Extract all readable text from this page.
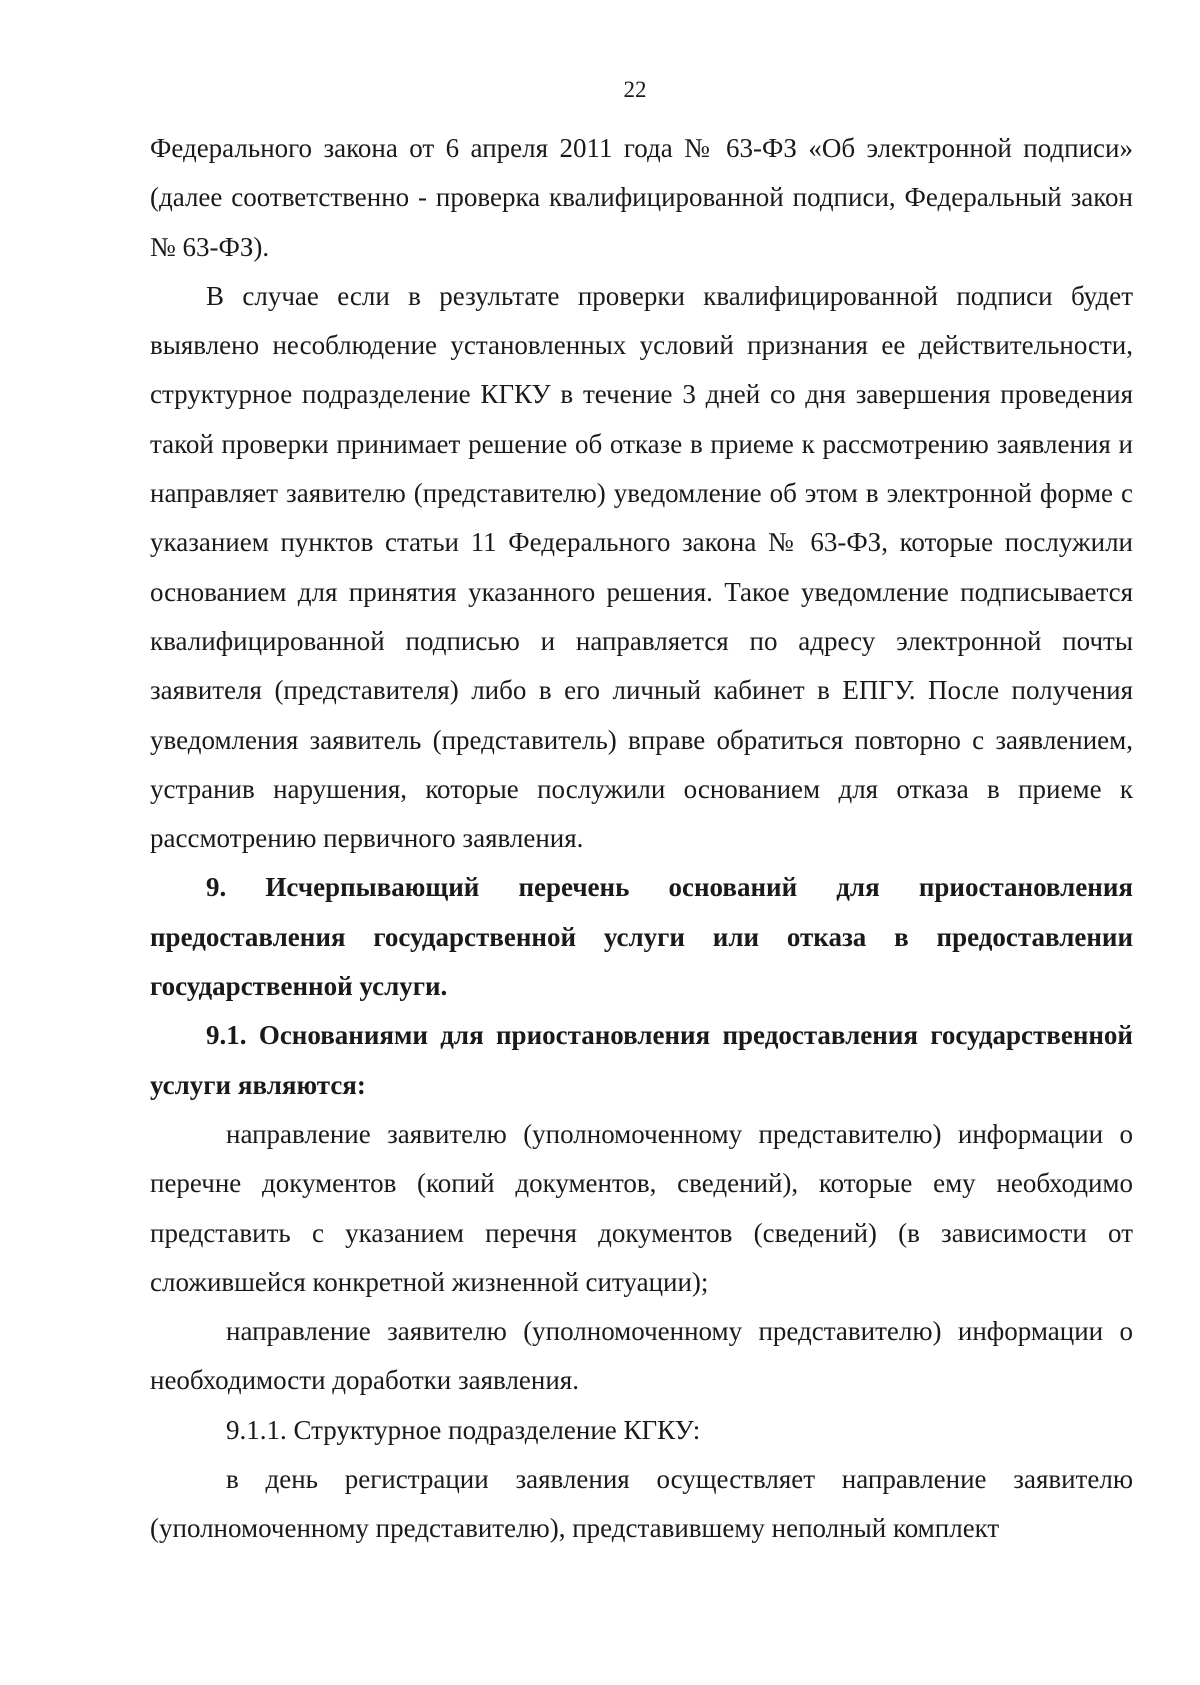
22

Федерального закона от 6 апреля 2011 года № 63-ФЗ «Об электронной подписи» (далее соответственно - проверка квалифицированной подписи, Федеральный закон № 63-ФЗ).

В случае если в результате проверки квалифицированной подписи будет выявлено несоблюдение установленных условий признания ее действительности, структурное подразделение КГКУ в течение 3 дней со дня завершения проведения такой проверки принимает решение об отказе в приеме к рассмотрению заявления и направляет заявителю (представителю) уведомление об этом в электронной форме с указанием пунктов статьи 11 Федерального закона № 63-ФЗ, которые послужили основанием для принятия указанного решения. Такое уведомление подписывается квалифицированной подписью и направляется по адресу электронной почты заявителя (представителя) либо в его личный кабинет в ЕПГУ. После получения уведомления заявитель (представитель) вправе обратиться повторно с заявлением, устранив нарушения, которые послужили основанием для отказа в приеме к рассмотрению первичного заявления.

9. Исчерпывающий перечень оснований для приостановления предоставления государственной услуги или отказа в предоставлении государственной услуги.

9.1. Основаниями для приостановления предоставления государственной услуги являются:

направление заявителю (уполномоченному представителю) информации о перечне документов (копий документов, сведений), которые ему необходимо представить с указанием перечня документов (сведений) (в зависимости от сложившейся конкретной жизненной ситуации);

направление заявителю (уполномоченному представителю) информации о необходимости доработки заявления.

9.1.1. Структурное подразделение КГКУ:

в день регистрации заявления осуществляет направление заявителю (уполномоченному представителю), представившему неполный комплект
